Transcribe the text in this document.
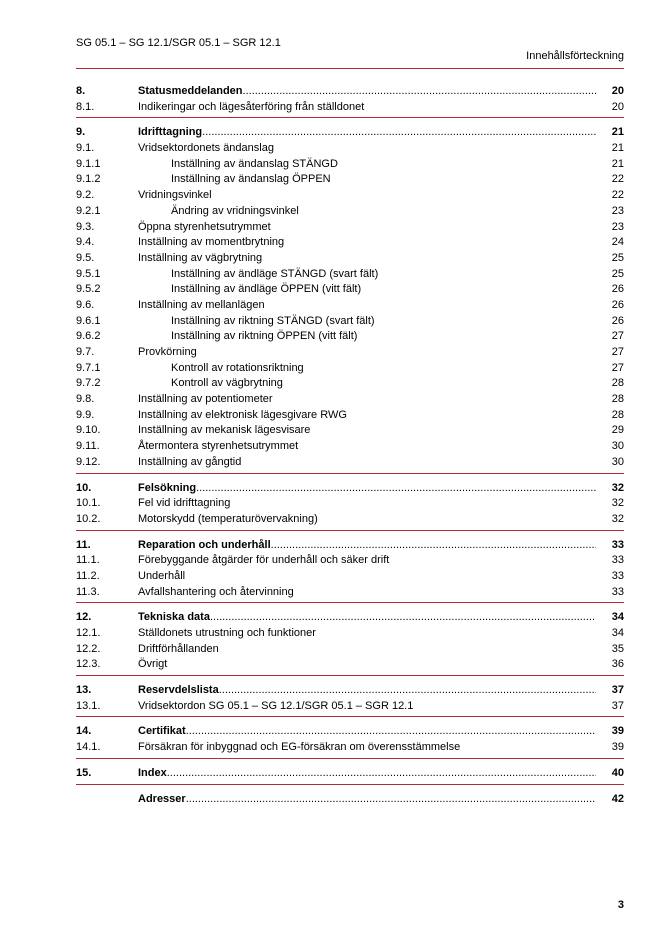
SG 05.1 – SG 12.1/SGR 05.1 – SGR 12.1
Innehållsförteckning
8.	Statusmeddelanden .....	20
8.1.	Indikeringar och lägesåterföring från ställdonet	20
9.	Idrifttagning .....	21
9.1.	Vridsektordonets ändanslag	21
9.1.1	Inställning av ändanslag STÄNGD	21
9.1.2	Inställning av ändanslag ÖPPEN	22
9.2.	Vridningsvinkel	22
9.2.1	Ändring av vridningsvinkel	23
9.3.	Öppna styrenhetsutrymmet	23
9.4.	Inställning av momentbrytning	24
9.5.	Inställning av vägbrytning	25
9.5.1	Inställning av ändläge STÄNGD (svart fält)	25
9.5.2	Inställning av ändläge ÖPPEN (vitt fält)	26
9.6.	Inställning av mellanlägen	26
9.6.1	Inställning av riktning STÄNGD (svart fält)	26
9.6.2	Inställning av riktning ÖPPEN (vitt fält)	27
9.7.	Provkörning	27
9.7.1	Kontroll av rotationsriktning	27
9.7.2	Kontroll av vägbrytning	28
9.8.	Inställning av potentiometer	28
9.9.	Inställning av elektronisk lägesgivare RWG	28
9.10.	Inställning av mekanisk lägesvisare	29
9.11.	Återmontera styrenhetsutrymmet	30
9.12.	Inställning av gångtid	30
10.	Felsökning .....	32
10.1.	Fel vid idrifttagning	32
10.2.	Motorskydd (temperaturövervakning)	32
11.	Reparation och underhåll .....	33
11.1.	Förebyggande åtgärder för underhåll och säker drift	33
11.2.	Underhåll	33
11.3.	Avfallshantering och återvinning	33
12.	Tekniska data .....	34
12.1.	Ställdonets utrustning och funktioner	34
12.2.	Driftförhållanden	35
12.3.	Övrigt	36
13.	Reservdelslista .....	37
13.1.	Vridsektordon SG 05.1 – SG 12.1/SGR 05.1 – SGR 12.1	37
14.	Certifikat .....	39
14.1.	Försäkran för inbyggnad och EG-försäkran om överensstämmelse	39
15.	Index .....	40
Adresser .....	42
3
